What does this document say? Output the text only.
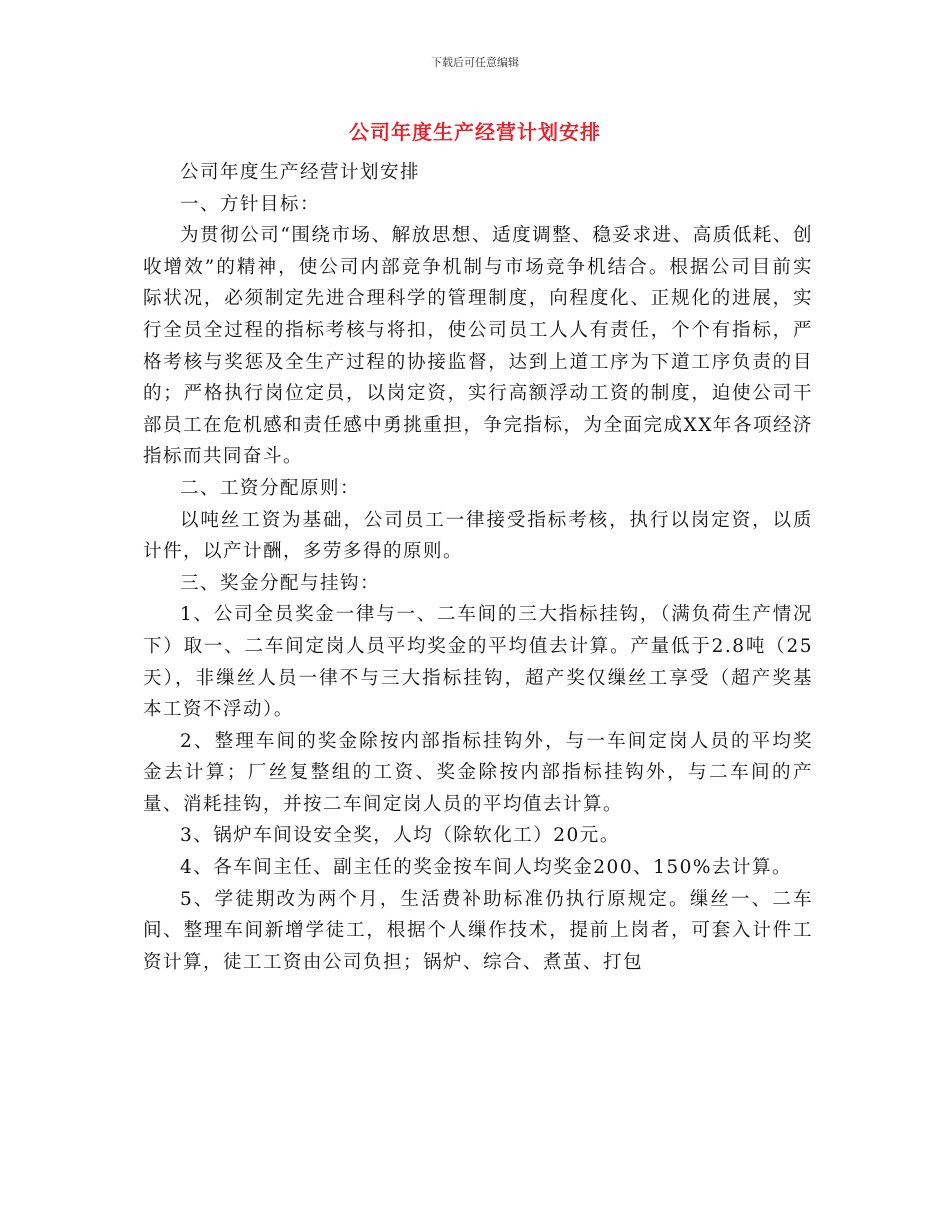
下载后可任意编辑
公司年度生产经营计划安排

公司年度生产经营计划安排

一、方针目标：

为贯彻公司“围绕市场、解放思想、适度调整、稳妥求进、高质低耗、创收增效”的精神，使公司内部竞争机制与市场竞争机结合。根据公司目前实际状况，必须制定先进合理科学的管理制度，向程度化、正规化的进展，实行全员全过程的指标考核与将扣，使公司员工人人有责任，个个有指标，严格考核与奖惩及全生产过程的协接监督，达到上道工序为下道工序负责的目的；严格执行岗位定员，以岗定资，实行高额浮动工资的制度，迫使公司干部员工在危机感和责任感中勇挑重担，争完指标，为全面完成XX年各项经济指标而共同奋斗。

二、工资分配原则：

以吨丝工资为基础，公司员工一律接受指标考核，执行以岗定资，以质计件，以产计酬，多劳多得的原则。

三、奖金分配与挂钩：

1、公司全员奖金一律与一、二车间的三大指标挂钩，（满负荷生产情况下）取一、二车间定岗人员平均奖金的平均值去计算。产量低于2.8吨（25天），非缫丝人员一律不与三大指标挂钩，超产奖仅缫丝工享受（超产奖基本工资不浮动）。

2、整理车间的奖金除按内部指标挂钩外，与一车间定岗人员的平均奖金去计算；厂丝复整组的工资、奖金除按内部指标挂钩外，与二车间的产量、消耗挂钩，并按二车间定岗人员的平均值去计算。

3、锅炉车间设安全奖，人均（除软化工）20元。

4、各车间主任、副主任的奖金按车间人均奖金200、150%去计算。

5、学徒期改为两个月，生活费补助标准仍执行原规定。缫丝一、二车间、整理车间新增学徒工，根据个人缫作技术，提前上岗者，可套入计件工资计算，徒工工资由公司负担；锅炉、综合、煮茧、打包
